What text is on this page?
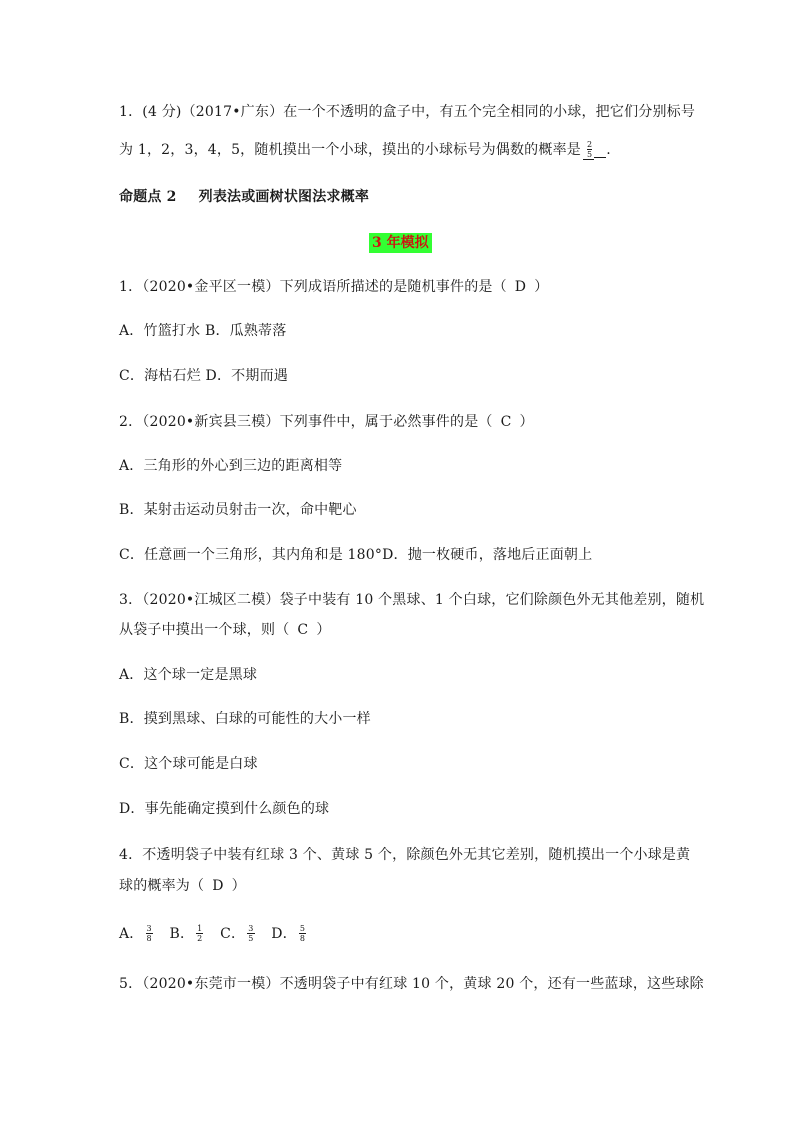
1．(4 分)（2017•广东）在一个不透明的盒子中，有五个完全相同的小球，把它们分别标号
为 1，2，3，4，5，随机摸出一个小球，摸出的小球标号为偶数的概率是 $\frac{2}{5}$ .
命题点 2 列表法或画树状图法求概率
3 年模拟
1．（2020•金平区一模）下列成语所描述的是随机事件的是（ D ）
A．竹篮打水 B．瓜熟蒂落
C．海枯石烂 D．不期而遇
2．（2020•新宾县三模）下列事件中，属于必然事件的是（ C ）
A．三角形的外心到三边的距离相等
B．某射击运动员射击一次，命中靶心
C．任意画一个三角形，其内角和是 180°D．抛一枚硬币，落地后正面朝上
3．（2020•江城区二模）袋子中装有 10 个黑球、1 个白球，它们除颜色外无其他差别，随机
从袋子中摸出一个球，则（ C ）
A．这个球一定是黑球
B．摸到黑球、白球的可能性的大小一样
C．这个球可能是白球
D．事先能确定摸到什么颜色的球
4．不透明袋子中装有红球 3 个、黄球 5 个，除颜色外无其它差别，随机摸出一个小球是黄
球的概率为（ D ）
A． $\frac{3}{8}$ B． $\frac{1}{2}$ C． $\frac{3}{5}$ D． $\frac{5}{8}$
5．（2020•东莞市一模）不透明袋子中有红球 10 个，黄球 20 个，还有一些蓝球，这些球除
